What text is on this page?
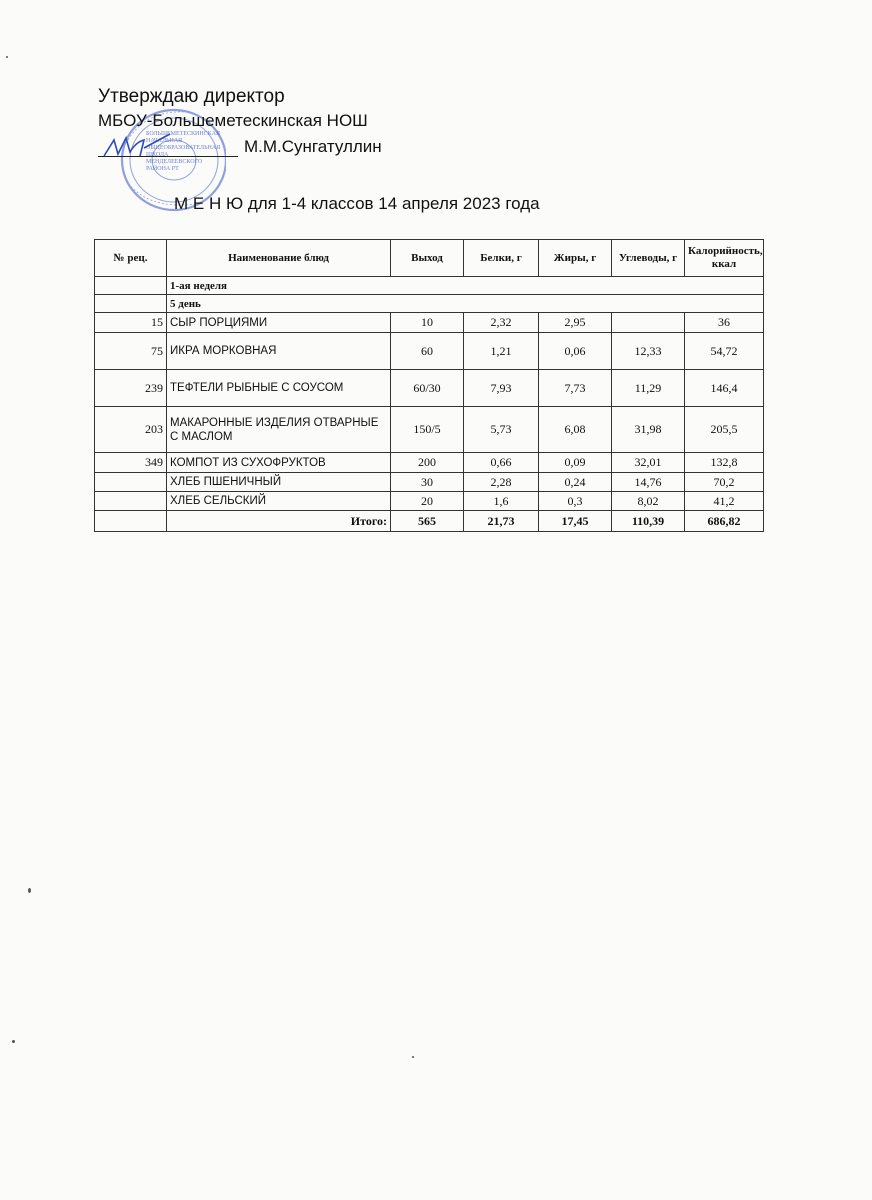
БОЛЬШЕМЕТЕСКИНСКАЯ
НАЧАЛЬНАЯ
ОБЩЕОБРАЗОВАТЕЛЬНАЯ
ШКОЛА
МЕНДЕЛЕЕВСКОГО
РАЙОНА РТ
Утверждаю директор
МБОУ-Большеметескинская НОШ
М.М.Сунгатуллин
М Е Н Ю для 1-4 классов 14 апреля 2023 года
№ рец.	Наименование блюд	Выход	Белки, г	Жиры, г	Углеводы, г	Калорийность, ккал
	1-ая неделя					
	5 день					
15	СЫР ПОРЦИЯМИ	10	2,32	2,95		36
75	ИКРА МОРКОВНАЯ	60	1,21	0,06	12,33	54,72
239	ТЕФТЕЛИ РЫБНЫЕ С СОУСОМ	60/30	7,93	7,73	11,29	146,4
203	МАКАРОННЫЕ ИЗДЕЛИЯ ОТВАРНЫЕ С МАСЛОМ	150/5	5,73	6,08	31,98	205,5
349	КОМПОТ ИЗ СУХОФРУКТОВ	200	0,66	0,09	32,01	132,8
	ХЛЕБ ПШЕНИЧНЫЙ	30	2,28	0,24	14,76	70,2
	ХЛЕБ СЕЛЬСКИЙ	20	1,6	0,3	8,02	41,2
	Итого:	565	21,73	17,45	110,39	686,82
